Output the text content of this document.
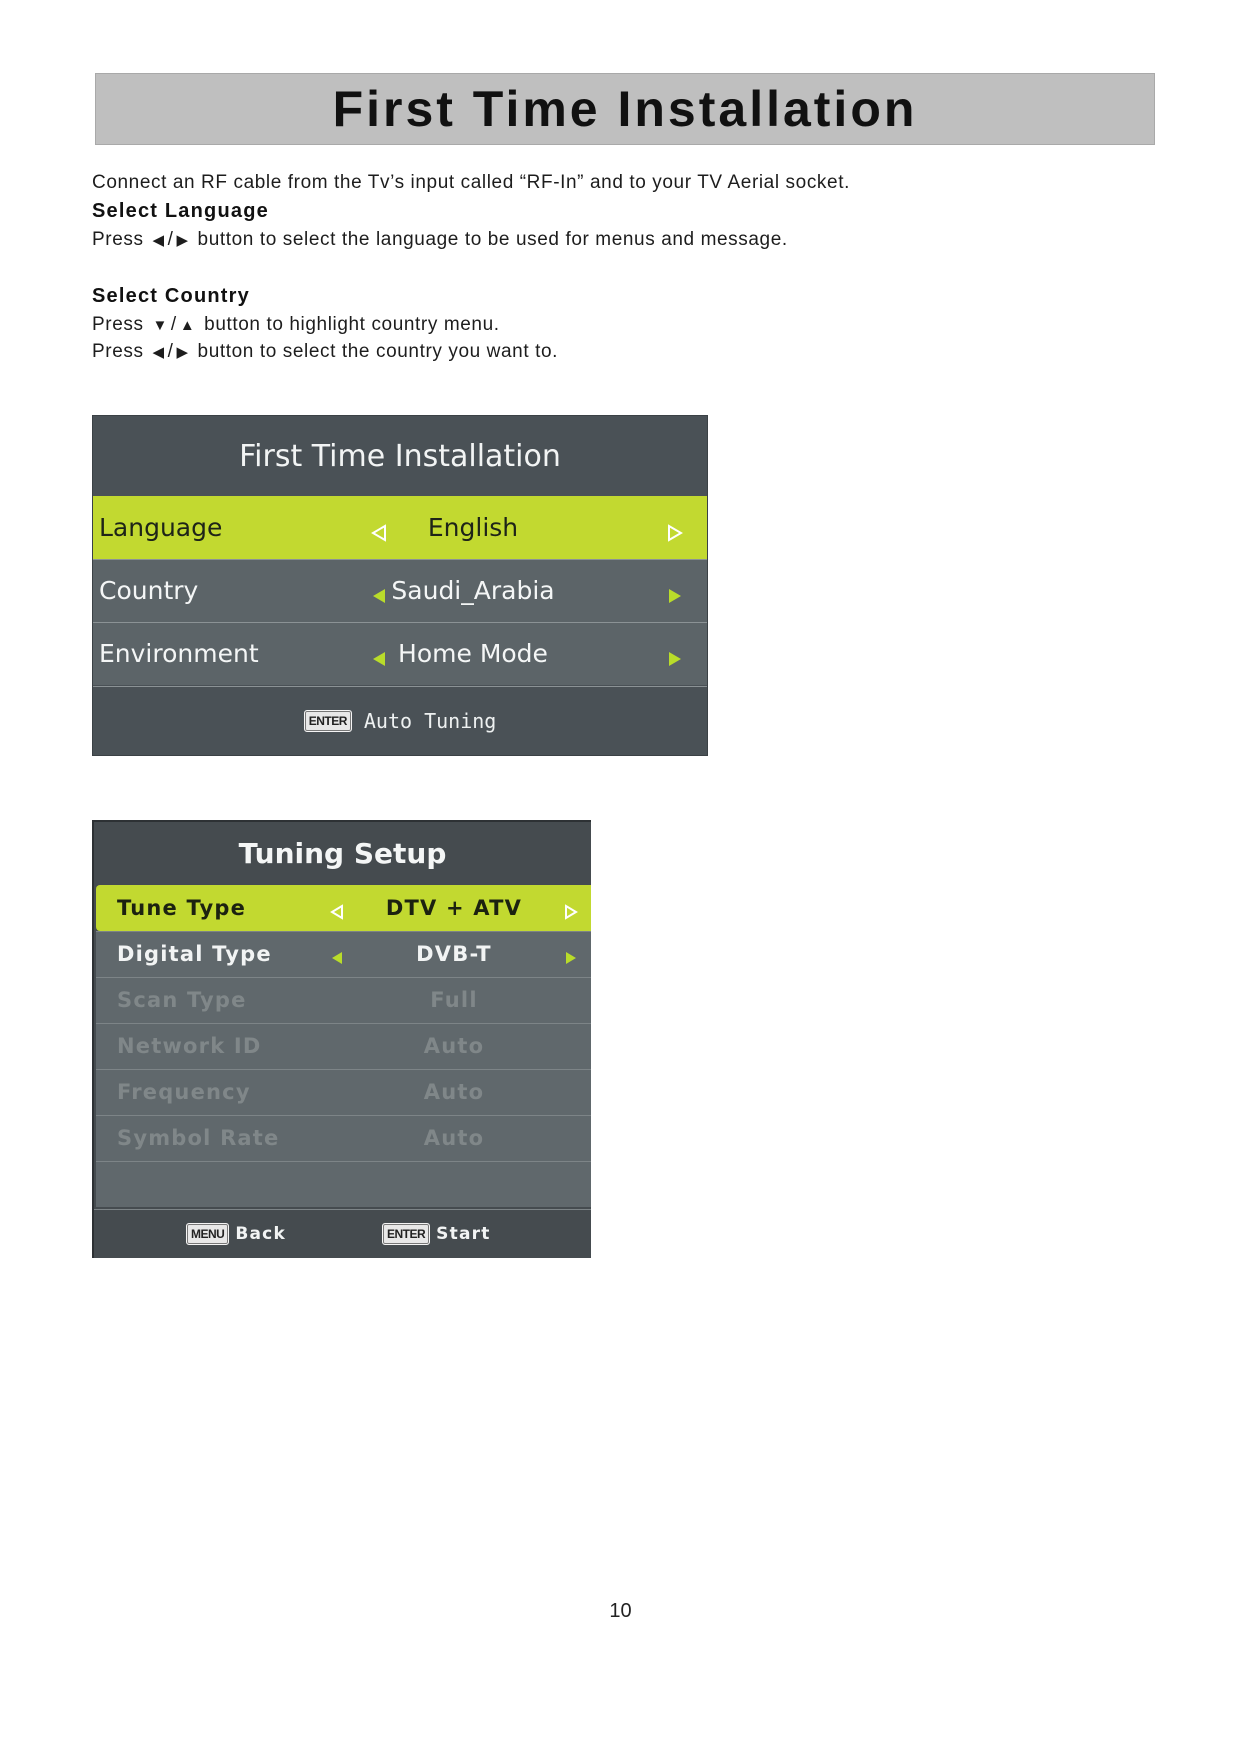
First Time Installation
Connect an RF cable from the Tv’s input called “RF-In” and to your TV Aerial socket.
Select Language
Press ◀ / ▶ button to select the language to be used for menus and message.
Select Country
Press ▼ / ▲ button to highlight country menu.
Press ◀ / ▶ button to select the country you want to.
First Time Installation
Language	English
Country	Saudi_Arabia
Environment	Home Mode
ENTER Auto Tuning
Tuning Setup
Tune Type	DTV + ATV
Digital Type	DVB-T
Scan Type	Full
Network ID	Auto
Frequency	Auto
Symbol Rate	Auto
MENU Back	ENTER Start
10
